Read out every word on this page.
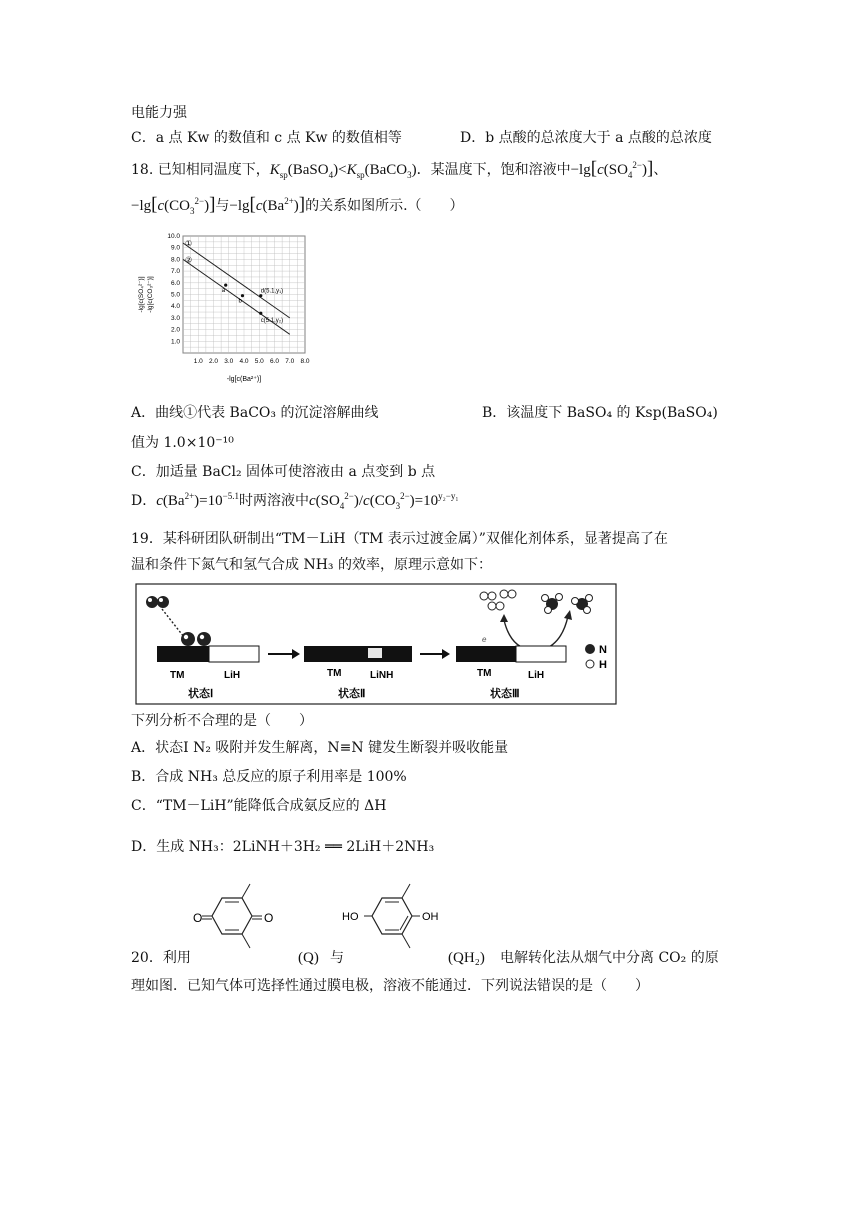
电能力强
C．a 点 Kw 的数值和 c 点 Kw 的数值相等	D．b 点酸的总浓度大于 a 点酸的总浓度
18. 已知相同温度下，$K_{sp}(BaSO_4)<K_{sp}(BaCO_3)$．某温度下，饱和溶液中$-\lg[c(SO_4^{2-})]$、
$-\lg[c(CO_3^{2-})]$与$-\lg[c(Ba^{2+})]$的关系如图所示.（　　）
1.0 2.0 3.0 4.0 5.0 6.0 7.0 8.0
1.0
2.0
3.0
4.0
5.0
6.0
7.0
8.0
9.0
10.0
-lg[c(Ba²⁺)]
-lg[c(SO₄²⁻)] -lg[c(CO₃²⁻)]
①
②
a
b
d(5.1,y₁)
c(5.1,y₂)
A．曲线①代表 BaCO₃ 的沉淀溶解曲线	B．该温度下 BaSO₄ 的 Ksp(BaSO₄)
值为 1.0×10⁻¹⁰
C．加适量 BaCl₂ 固体可使溶液由 a 点变到 b 点
D．$c(Ba^{2+})=10^{-5.1}$时两溶液中$c(SO_4^{2-})/c(CO_3^{2-})=10^{y_2-y_1}$
19．某科研团队研制出“TM－LiH（TM 表示过渡金属）”双催化剂体系，显著提高了在
温和条件下氮气和氢气合成 NH₃ 的效率，原理示意如下：
TM	LiH
状态Ⅰ
TM	LiNH
状态Ⅱ
e
TM	LiH
状态Ⅲ
N
H
下列分析不合理的是（　　）
A．状态Ⅰ N₂ 吸附并发生解离，N≡N 键发生断裂并吸收能量
B．合成 NH₃ 总反应的原子利用率是 100%
C．“TM－LiH”能降低合成氨反应的 ΔH
D．生成 NH₃：2LiNH＋3H₂ ══ 2LiH＋2NH₃
O	O	HO	OH
20．利用	(Q) 与	(QH₂) 电解转化法从烟气中分离 CO₂ 的原
理如图．已知气体可选择性通过膜电极，溶液不能通过．下列说法错误的是（　　）
